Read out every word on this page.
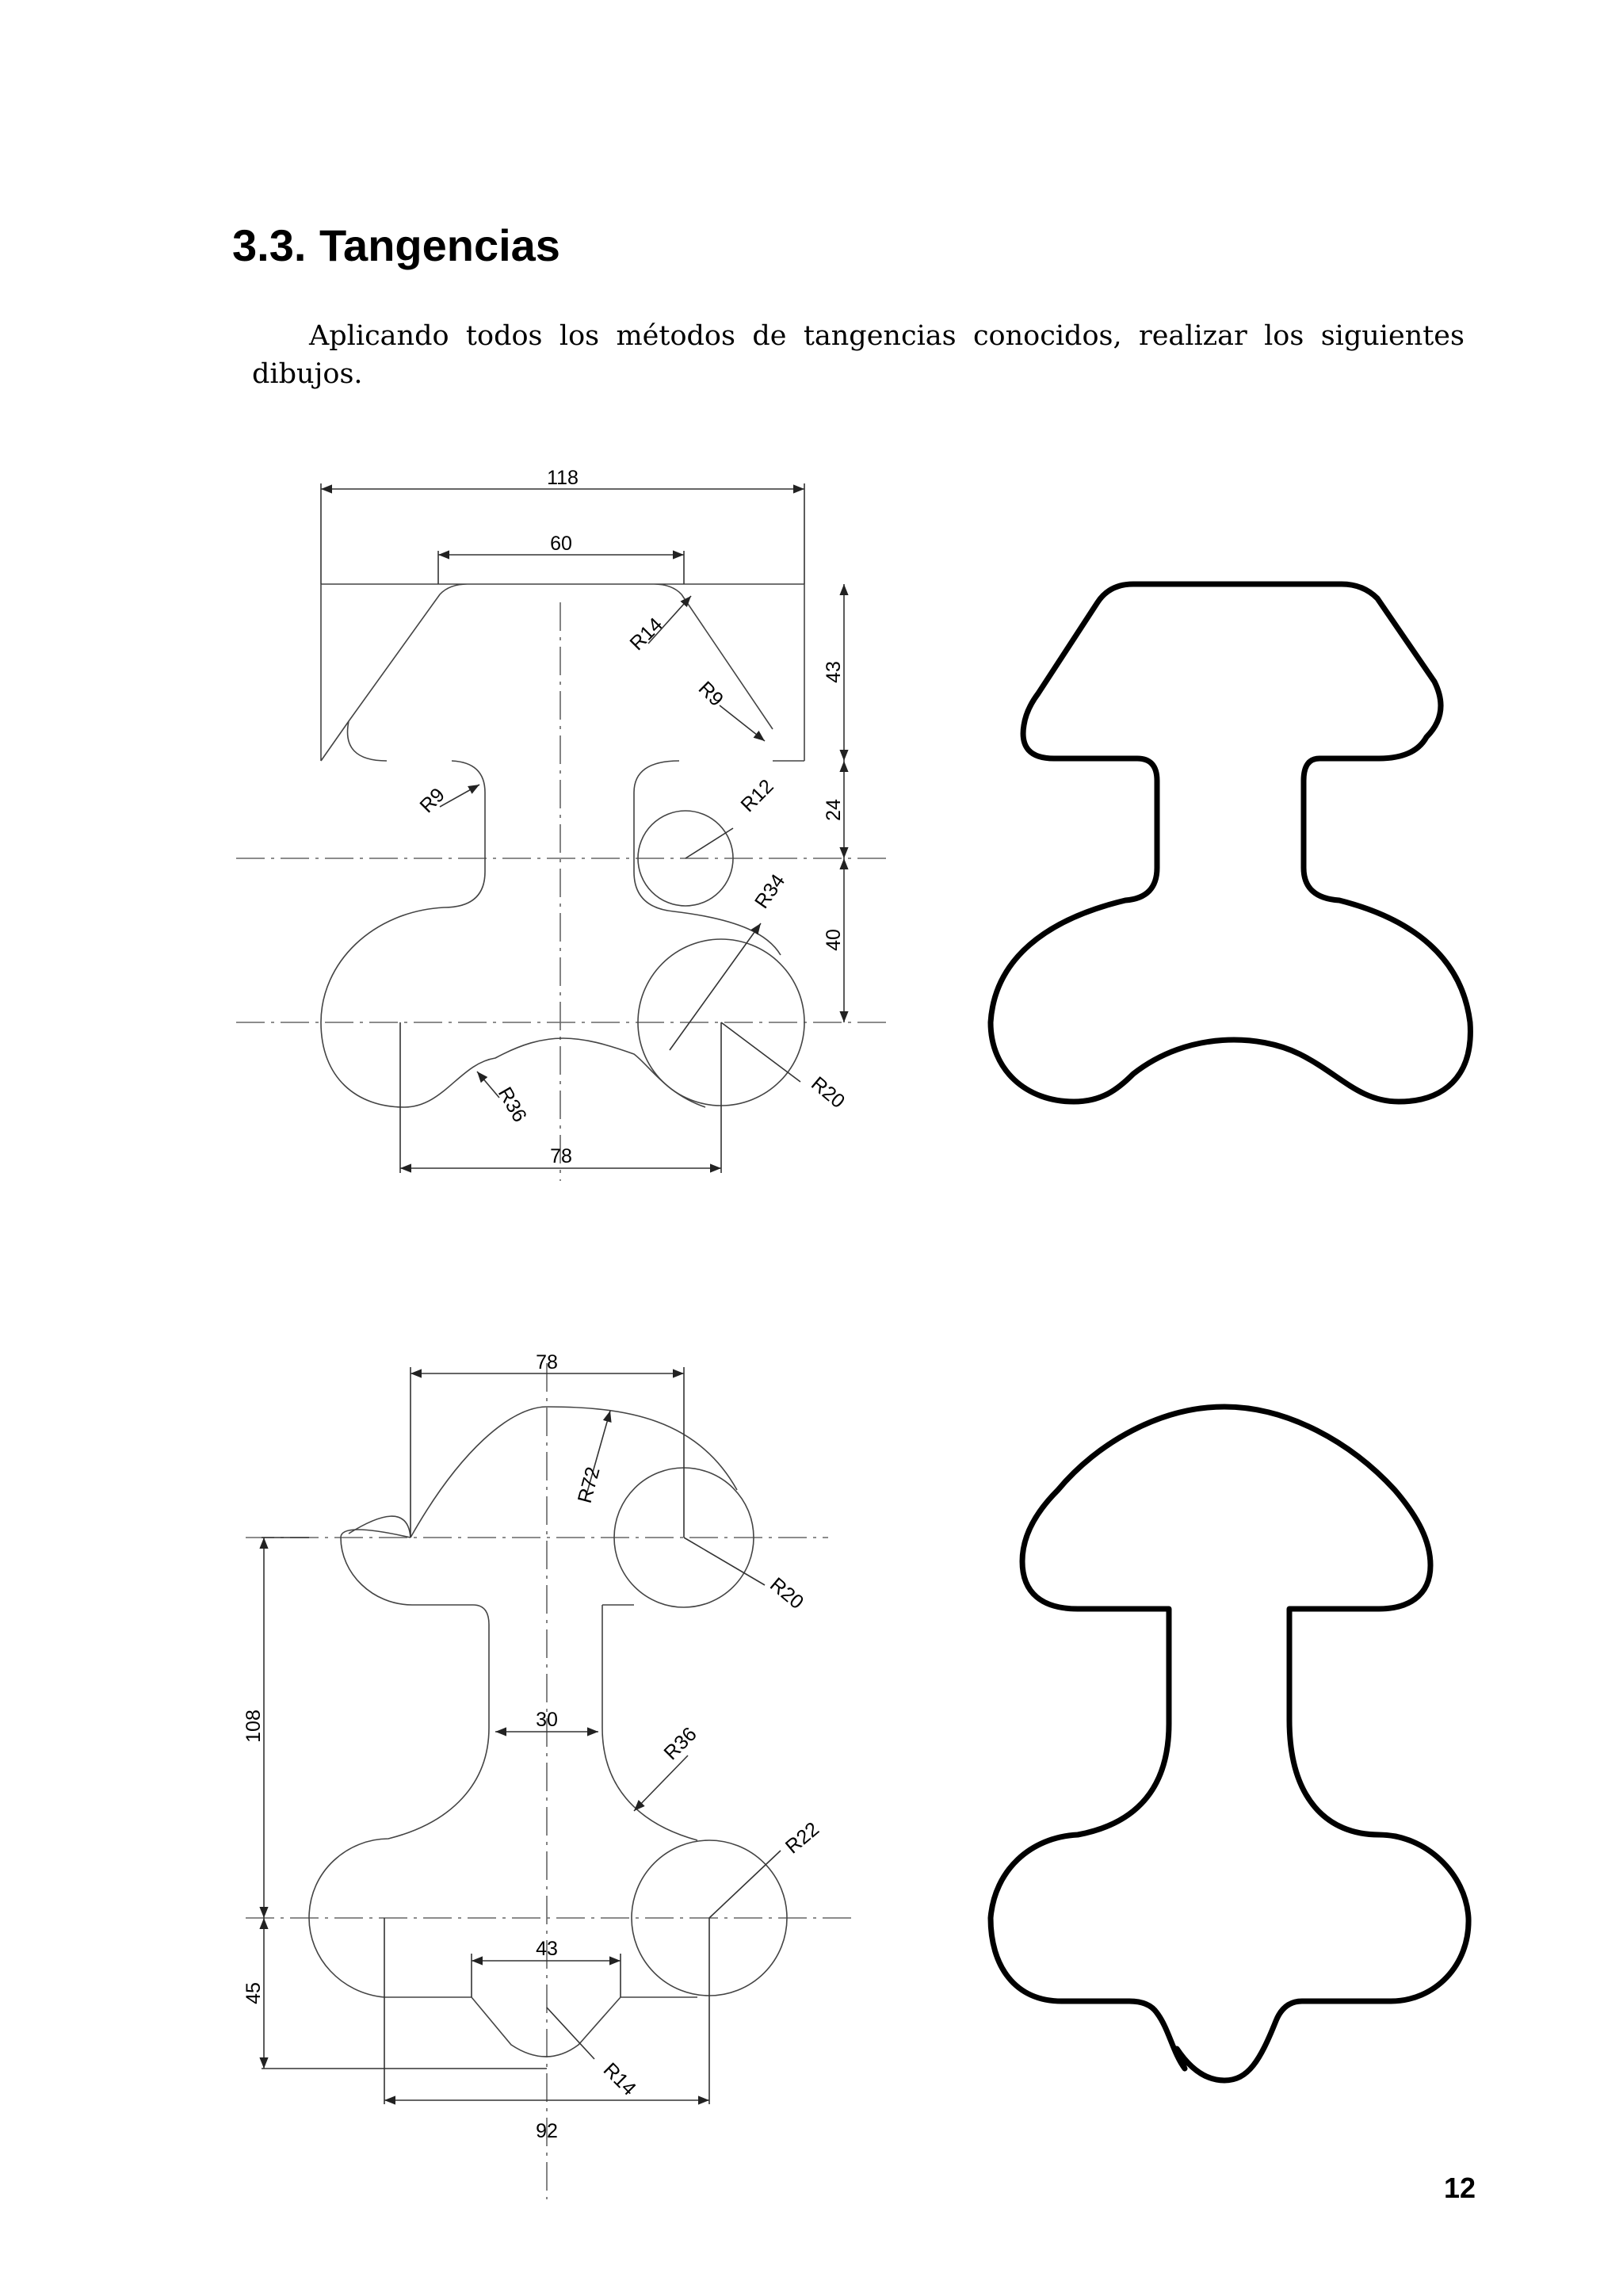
3.3. Tangencias
Aplicando todos los métodos de tangencias conocidos, realizar los siguientes dibujos.
118
60
43
24
40
78
R14
R9
R9	R12
R34
R20
R36
78
30
108
45
43
92
R72
R20
R36
R22
R14
12
